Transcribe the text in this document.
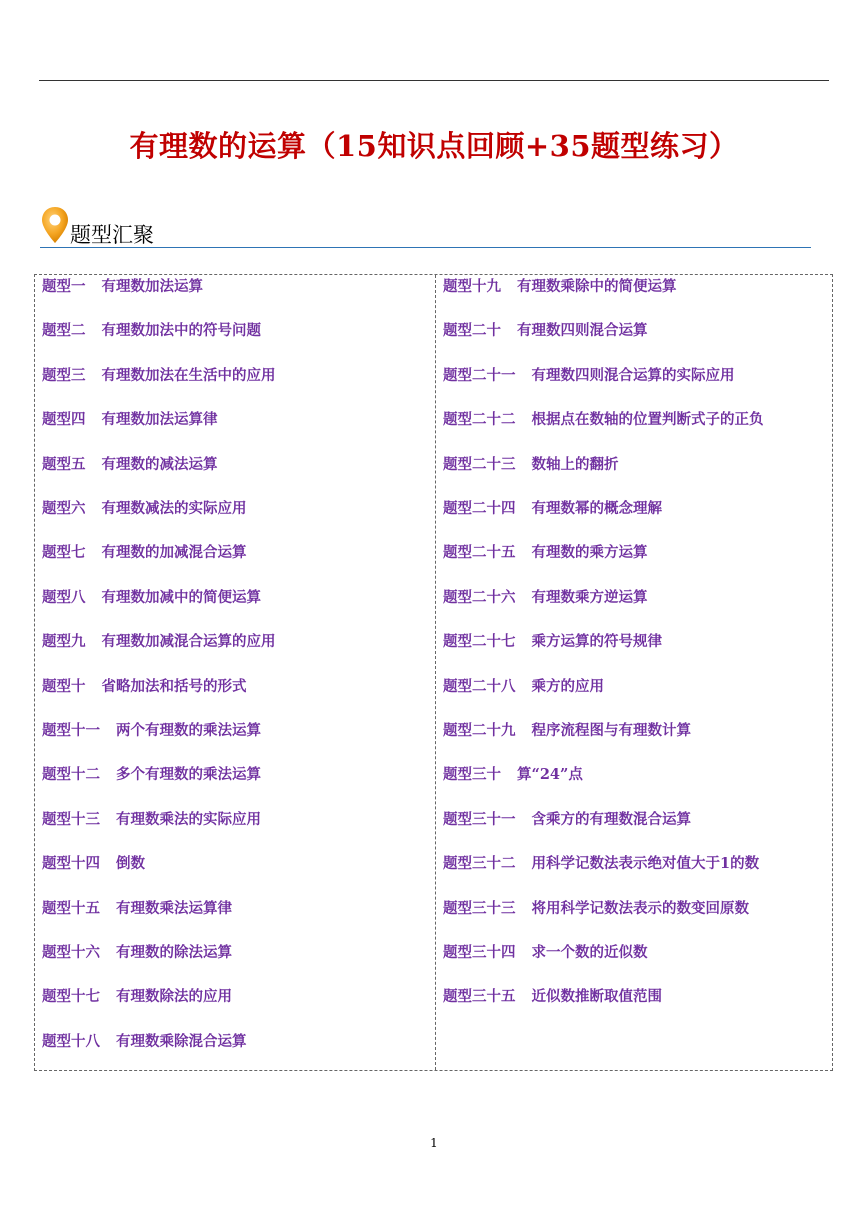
有理数的运算（15知识点回顾+35题型练习）
题型汇聚
题型一 有理数加法运算
题型二 有理数加法中的符号问题
题型三 有理数加法在生活中的应用
题型四 有理数加法运算律
题型五 有理数的减法运算
题型六 有理数减法的实际应用
题型七 有理数的加减混合运算
题型八 有理数加减中的简便运算
题型九 有理数加减混合运算的应用
题型十 省略加法和括号的形式
题型十一 两个有理数的乘法运算
题型十二 多个有理数的乘法运算
题型十三 有理数乘法的实际应用
题型十四 倒数
题型十五 有理数乘法运算律
题型十六 有理数的除法运算
题型十七 有理数除法的应用
题型十八 有理数乘除混合运算
题型十九 有理数乘除中的简便运算
题型二十 有理数四则混合运算
题型二十一 有理数四则混合运算的实际应用
题型二十二 根据点在数轴的位置判断式子的正负
题型二十三 数轴上的翻折
题型二十四 有理数幂的概念理解
题型二十五 有理数的乘方运算
题型二十六 有理数乘方逆运算
题型二十七 乘方运算的符号规律
题型二十八 乘方的应用
题型二十九 程序流程图与有理数计算
题型三十 算“24”点
题型三十一 含乘方的有理数混合运算
题型三十二 用科学记数法表示绝对值大于1的数
题型三十三 将用科学记数法表示的数变回原数
题型三十四 求一个数的近似数
题型三十五 近似数推断取值范围
1
